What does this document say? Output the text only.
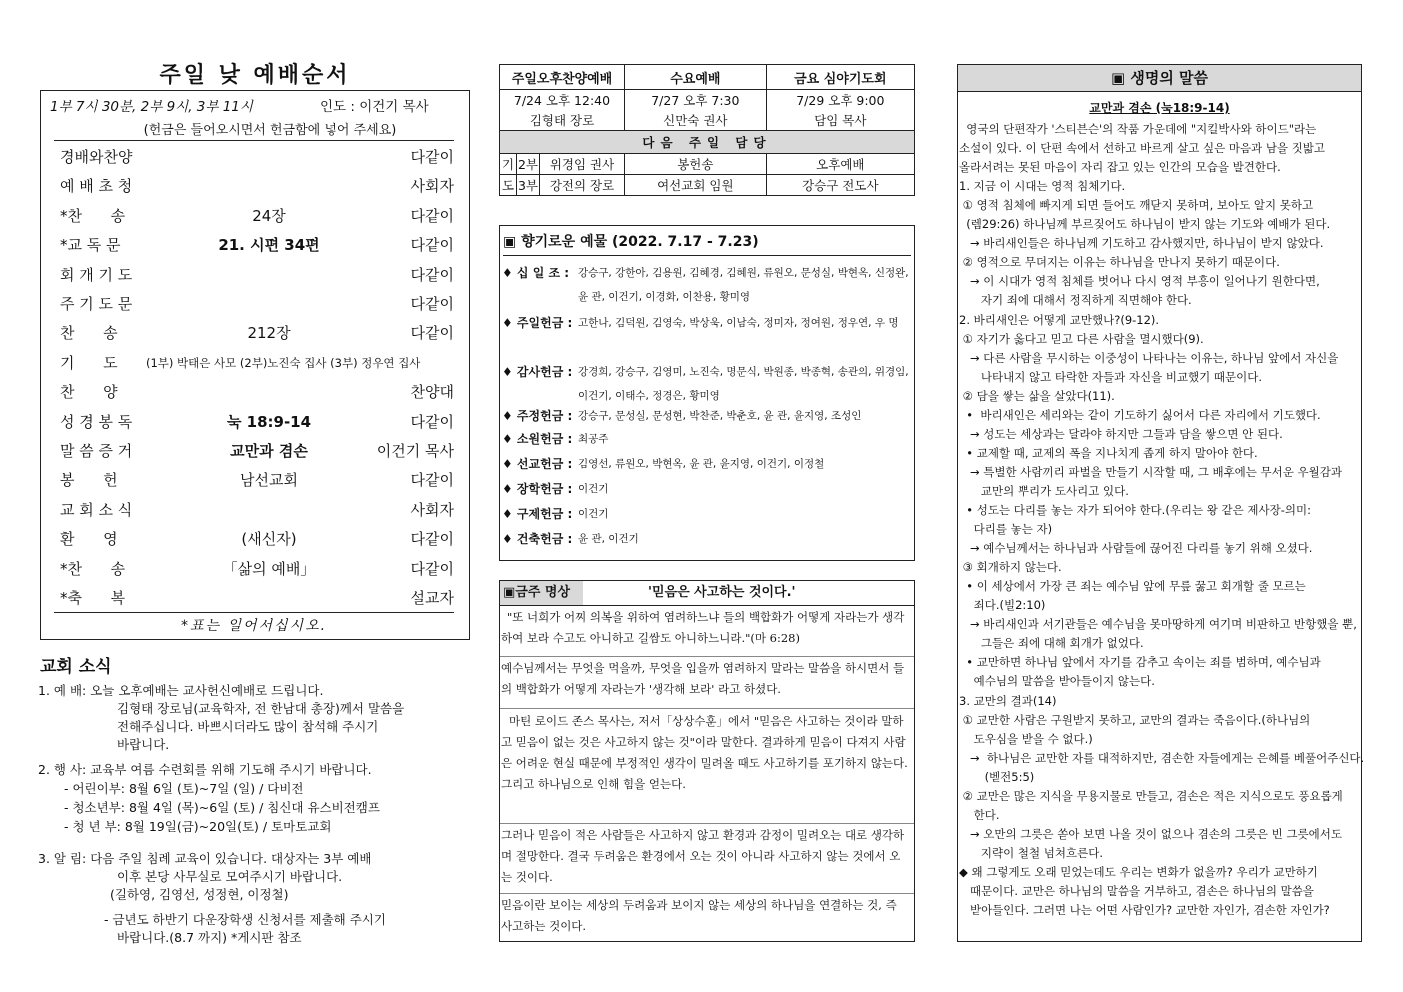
주일 낮 예배순서
1부 7시 30분, 2부 9시, 3부 11시	인도 : 이건기 목사
(헌금은 들어오시면서 헌금함에 넣어 주세요)
경배와찬양	다같이
예 배 초 청	사회자
*찬      송	24장	다같이
*교 독 문	21. 시편 34편	다같이
회 개 기 도	다같이
주 기 도 문	다같이
찬      송	212장	다같이
기      도	(1부) 박태은 사모 (2부)노진숙 집사 (3부) 정우연 집사
찬      양	찬양대
성 경 봉 독	눅 18:9-14	다같이
말 씀 증 거	교만과 겸손	이건기 목사
봉      헌	남선교회	다같이
교 회 소 식	사회자
환      영	(새신자)	다같이
*찬      송	「삶의 예배」	다같이
*축      복	설교자
*표는 일어서십시오.
교회 소식
1. 예 배: 오늘 오후예배는 교사헌신예배로 드립니다.
김형태 장로님(교육학자, 전 한남대 총장)께서 말씀을
전해주십니다. 바쁘시더라도 많이 참석해 주시기
바랍니다.
2. 행 사: 교육부 여름 수련회를 위해 기도해 주시기 바랍니다.
- 어린이부: 8월 6일 (토)~7일 (일) / 다비전
- 청소년부: 8월 4일 (목)~6일 (토) / 침신대 유스비전캠프
- 청 년 부: 8월 19일(금)~20일(토) / 토마토교회
3. 알 림: 다음 주일 침례 교육이 있습니다. 대상자는 3부 예배
이후 본당 사무실로 모여주시기 바랍니다.
(길하영, 김영선, 성정현, 이정철)
- 금년도 하반기 다운장학생 신청서를 제출해 주시기
바랍니다.(8.7 까지) *게시판 참조
주일오후찬양예배			수요예배	금요 심야기도회
7/24 오후 12:40			7/27 오후 7:30	7/29 오후 9:00
김형태 장로			신만숙 권사	담임 목사
다음 주일 담당				
기	2부	위경임 권사	봉헌송	오후예배
도	3부	강전의 장로	여선교회 임원	강승구 전도사
▣ 향기로운 예물 (2022. 7.17 - 7.23)
♦ 십 일 조 : 강승구, 강한아, 김용원, 김혜경, 김혜원, 류원오, 문성실, 박현옥, 신정완, 윤 관, 이건기, 이경화, 이찬용, 황미영
♦ 주일헌금 : 고한나, 김덕원, 김영숙, 박상욱, 이남숙, 정미자, 정여원, 정우연, 우 명
♦ 감사헌금 : 강경희, 강승구, 김영미, 노진숙, 명문식, 박원종, 박종혁, 송관의, 위경임, 이건기, 이태수, 정경은, 황미영
♦ 주정헌금 : 강승구, 문성실, 문성현, 박찬준, 박춘호, 윤 관, 윤지영, 조성인
♦ 소원헌금 : 최공주
♦ 선교헌금 : 김영선, 류원오, 박현옥, 윤 관, 윤지영, 이건기, 이정철
♦ 장학헌금 : 이건기
♦ 구제헌금 : 이건기
♦ 건축헌금 : 윤 관, 이건기
▣금주 명상	'믿음은 사고하는 것이다.'
"또 너희가 어찌 의복을 위하여 염려하느냐 들의 백합화가 어떻게 자라는가 생각하여 보라 수고도 아니하고 길쌈도 아니하느니라."(마 6:28)
예수님께서는 무엇을 먹을까, 무엇을 입을까 염려하지 말라는 말씀을 하시면서 들의 백합화가 어떻게 자라는가 '생각해 보라' 라고 하셨다.
마틴 로이드 존스 목사는, 저서「상상수훈」에서 "믿음은 사고하는 것이라 말하고 믿음이 없는 것은 사고하지 않는 것"이라 말한다. 결과하게 믿음이 다져지 사람은 어려운 현실 때문에 부정적인 생각이 밀려올 때도 사고하기를 포기하지 않는다. 그리고 하나님으로 인해 힘을 얻는다.
그러나 믿음이 적은 사람들은 사고하지 않고 환경과 감정이 밀려오는 대로 생각하며 절망한다. 결국 두려움은 환경에서 오는 것이 아니라 사고하지 않는 것에서 오는 것이다.
믿음이란 보이는 세상의 두려움과 보이지 않는 세상의 하나님을 연결하는 것, 즉 사고하는 것이다.
▣ 생명의 말씀
교만과 겸손 (눅18:9-14)
영국의 단편작가 '스티븐슨'의 작품 가운데에 "지킬박사와 하이드"라는
소설이 있다. 이 단편 속에서 선하고 바르게 살고 싶은 마음과 남을 짓밟고
올라서려는 못된 마음이 자리 잡고 있는 인간의 모습을 발견한다.
1. 지금 이 시대는 영적 침체기다.
① 영적 침체에 빠지게 되면 들어도 깨닫지 못하며, 보아도 알지 못하고
(렘29:26) 하나님께 부르짖어도 하나님이 받지 않는 기도와 예배가 된다.
→ 바리새인들은 하나님께 기도하고 감사했지만, 하나님이 받지 않았다.
② 영적으로 무뎌지는 이유는 하나님을 만나지 못하기 때문이다.
→ 이 시대가 영적 침체를 벗어나 다시 영적 부흥이 일어나기 원한다면,
자기 죄에 대해서 정직하게 직면해야 한다.
2. 바리새인은 어떻게 교만했나?(9-12).
① 자기가 옳다고 믿고 다른 사람을 멸시했다(9).
→ 다른 사람을 무시하는 이중성이 나타나는 이유는, 하나님 앞에서 자신을
나타내지 않고 타락한 자들과 자신을 비교했기 때문이다.
② 담을 쌓는 삶을 살았다(11).
•  바리새인은 세리와는 같이 기도하기 싫어서 다른 자리에서 기도했다.
→ 성도는 세상과는 달라야 하지만 그들과 담을 쌓으면 안 된다.
• 교제할 때, 교제의 폭을 지나치게 좁게 하지 말아야 한다.
→ 특별한 사람끼리 파벌을 만들기 시작할 때, 그 배후에는 무서운 우월감과
교만의 뿌리가 도사리고 있다.
• 성도는 다리를 놓는 자가 되어야 한다.(우리는 왕 같은 제사장-의미:
다리를 놓는 자)
→ 예수님께서는 하나님과 사람들에 끊어진 다리를 놓기 위해 오셨다.
③ 회개하지 않는다.
• 이 세상에서 가장 큰 죄는 예수님 앞에 무릎 꿇고 회개할 줄 모르는
죄다.(빌2:10)
→ 바리새인과 서기관들은 예수님을 못마땅하게 여기며 비판하고 반항했을 뿐,
그들은 죄에 대해 회개가 없었다.
• 교만하면 하나님 앞에서 자기를 감추고 속이는 죄를 범하며, 예수님과
예수님의 말씀을 받아들이지 않는다.
3. 교만의 결과(14)
① 교만한 사람은 구원받지 못하고, 교만의 결과는 죽음이다.(하나님의
도우심을 받을 수 없다.)
→  하나님은 교만한 자를 대적하지만, 겸손한 자들에게는 은혜를 베풀어주신다.
(벧전5:5)
② 교만은 많은 지식을 무용지물로 만들고, 겸손은 적은 지식으로도 풍요롭게
한다.
→ 오만의 그릇은 쏟아 보면 나올 것이 없으나 겸손의 그릇은 빈 그릇에서도
지략이 철철 넘쳐흐른다.
◆ 왜 그렇게도 오래 믿었는데도 우리는 변화가 없을까? 우리가 교만하기
때문이다. 교만은 하나님의 말씀을 거부하고, 겸손은 하나님의 말씀을
받아들인다. 그러면 나는 어떤 사람인가? 교만한 자인가, 겸손한 자인가?
